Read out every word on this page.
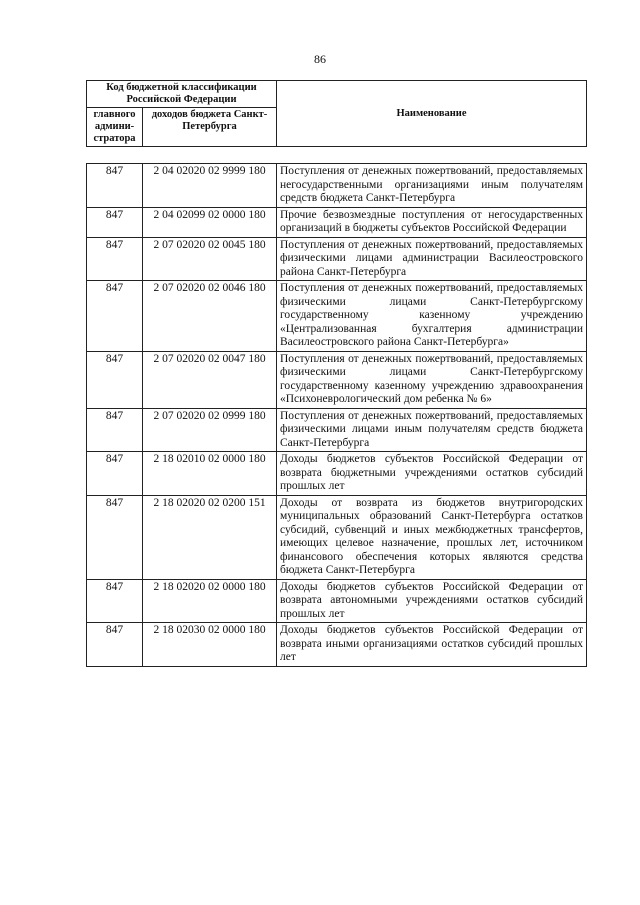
86
Код бюджетной классификации Российской Федерации		Наименование
главного админи-стратора	доходов бюджета Санкт-Петербурга	
847	2 04 02020 02 9999 180	Поступления от денежных пожертвований, предоставляемых негосударственными организациями иным получателям средств бюджета Санкт-Петербурга
847	2 04 02099 02 0000 180	Прочие безвозмездные поступления от негосударственных организаций в бюджеты субъектов Российской Федерации
847	2 07 02020 02 0045 180	Поступления от денежных пожертвований, предоставляемых физическими лицами администрации Василеостровского района Санкт-Петербурга
847	2 07 02020 02 0046 180	Поступления от денежных пожертвований, предоставляемых физическими лицами Санкт-Петербургскому государственному казенному учреждению «Централизованная бухгалтерия администрации Василеостровского района Санкт-Петербурга»
847	2 07 02020 02 0047 180	Поступления от денежных пожертвований, предоставляемых физическими лицами Санкт-Петербургскому государственному казенному учреждению здравоохранения «Психоневрологический дом ребенка № 6»
847	2 07 02020 02 0999 180	Поступления от денежных пожертвований, предоставляемых физическими лицами иным получателям средств бюджета Санкт-Петербурга
847	2 18 02010 02 0000 180	Доходы бюджетов субъектов Российской Федерации от возврата бюджетными учреждениями остатков субсидий прошлых лет
847	2 18 02020 02 0200 151	Доходы от возврата из бюджетов внутригородских муниципальных образований Санкт-Петербурга остатков субсидий, субвенций и иных межбюджетных трансфертов, имеющих целевое назначение, прошлых лет, источником финансового обеспечения которых являются средства бюджета Санкт-Петербурга
847	2 18 02020 02 0000 180	Доходы бюджетов субъектов Российской Федерации от возврата автономными учреждениями остатков субсидий прошлых лет
847	2 18 02030 02 0000 180	Доходы бюджетов субъектов Российской Федерации от возврата иными организациями остатков субсидий прошлых лет
